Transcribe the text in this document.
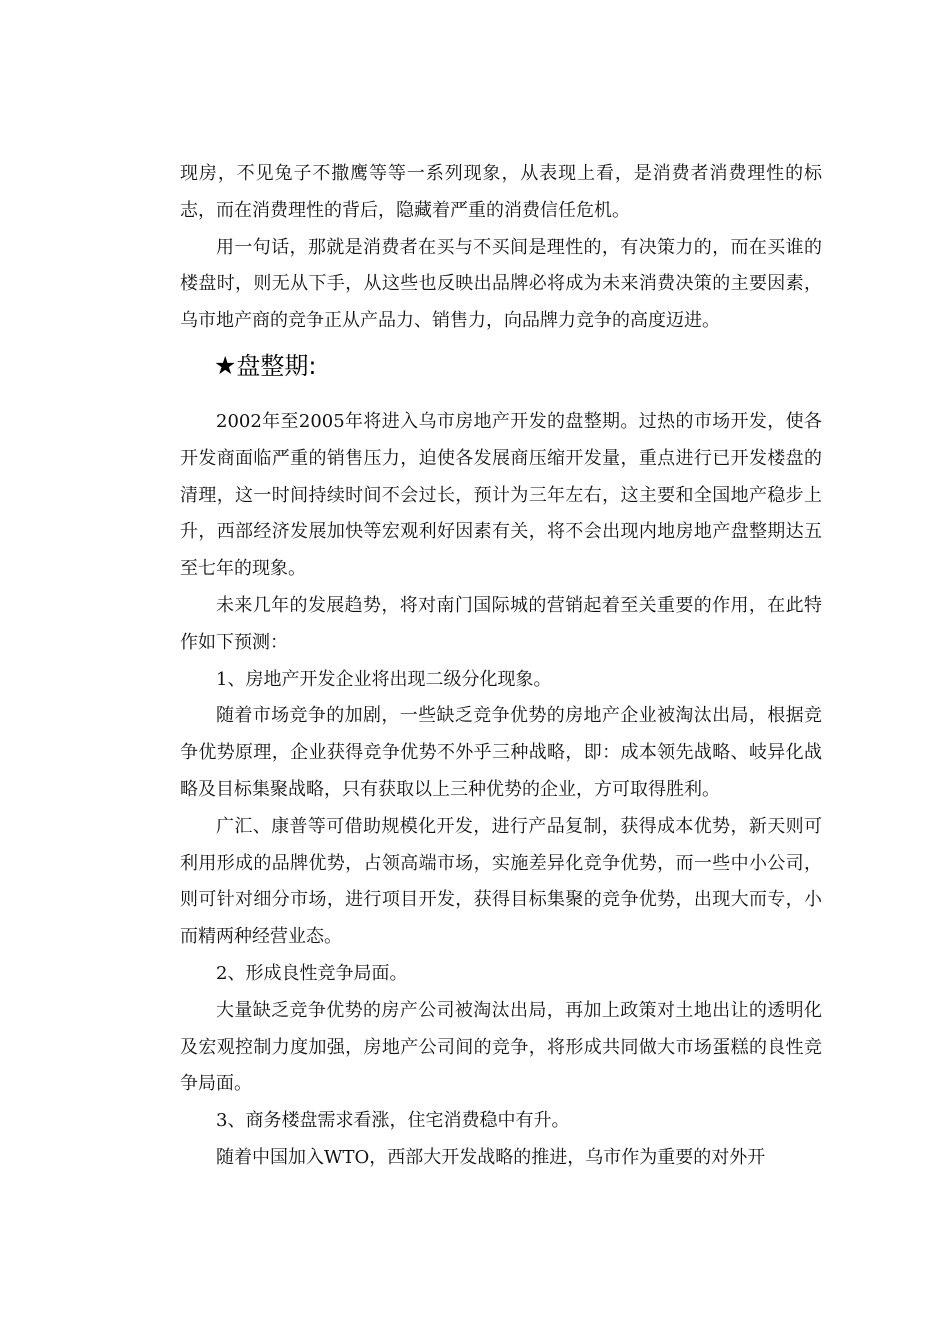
现房，不见兔子不撒鹰等等一系列现象，从表现上看，是消费者消费理性的标志，而在消费理性的背后，隐藏着严重的消费信任危机。

用一句话，那就是消费者在买与不买间是理性的，有决策力的，而在买谁的楼盘时，则无从下手，从这些也反映出品牌必将成为未来消费决策的主要因素，乌市地产商的竞争正从产品力、销售力，向品牌力竞争的高度迈进。

★盘整期:

2002年至2005年将进入乌市房地产开发的盘整期。过热的市场开发，使各开发商面临严重的销售压力，迫使各发展商压缩开发量，重点进行已开发楼盘的清理，这一时间持续时间不会过长，预计为三年左右，这主要和全国地产稳步上升，西部经济发展加快等宏观利好因素有关，将不会出现内地房地产盘整期达五至七年的现象。

未来几年的发展趋势，将对南门国际城的营销起着至关重要的作用，在此特作如下预测：

1、房地产开发企业将出现二级分化现象。

随着市场竞争的加剧，一些缺乏竞争优势的房地产企业被淘汰出局，根据竞争优势原理，企业获得竞争优势不外乎三种战略，即：成本领先战略、岐异化战略及目标集聚战略，只有获取以上三种优势的企业，方可取得胜利。

广汇、康普等可借助规模化开发，进行产品复制，获得成本优势，新天则可利用形成的品牌优势，占领高端市场，实施差异化竞争优势，而一些中小公司，则可针对细分市场，进行项目开发，获得目标集聚的竞争优势，出现大而专，小而精两种经营业态。

2、形成良性竞争局面。

大量缺乏竞争优势的房产公司被淘汰出局，再加上政策对土地出让的透明化及宏观控制力度加强，房地产公司间的竞争，将形成共同做大市场蛋糕的良性竞争局面。

3、商务楼盘需求看涨，住宅消费稳中有升。

随着中国加入WTO，西部大开发战略的推进，乌市作为重要的对外开
